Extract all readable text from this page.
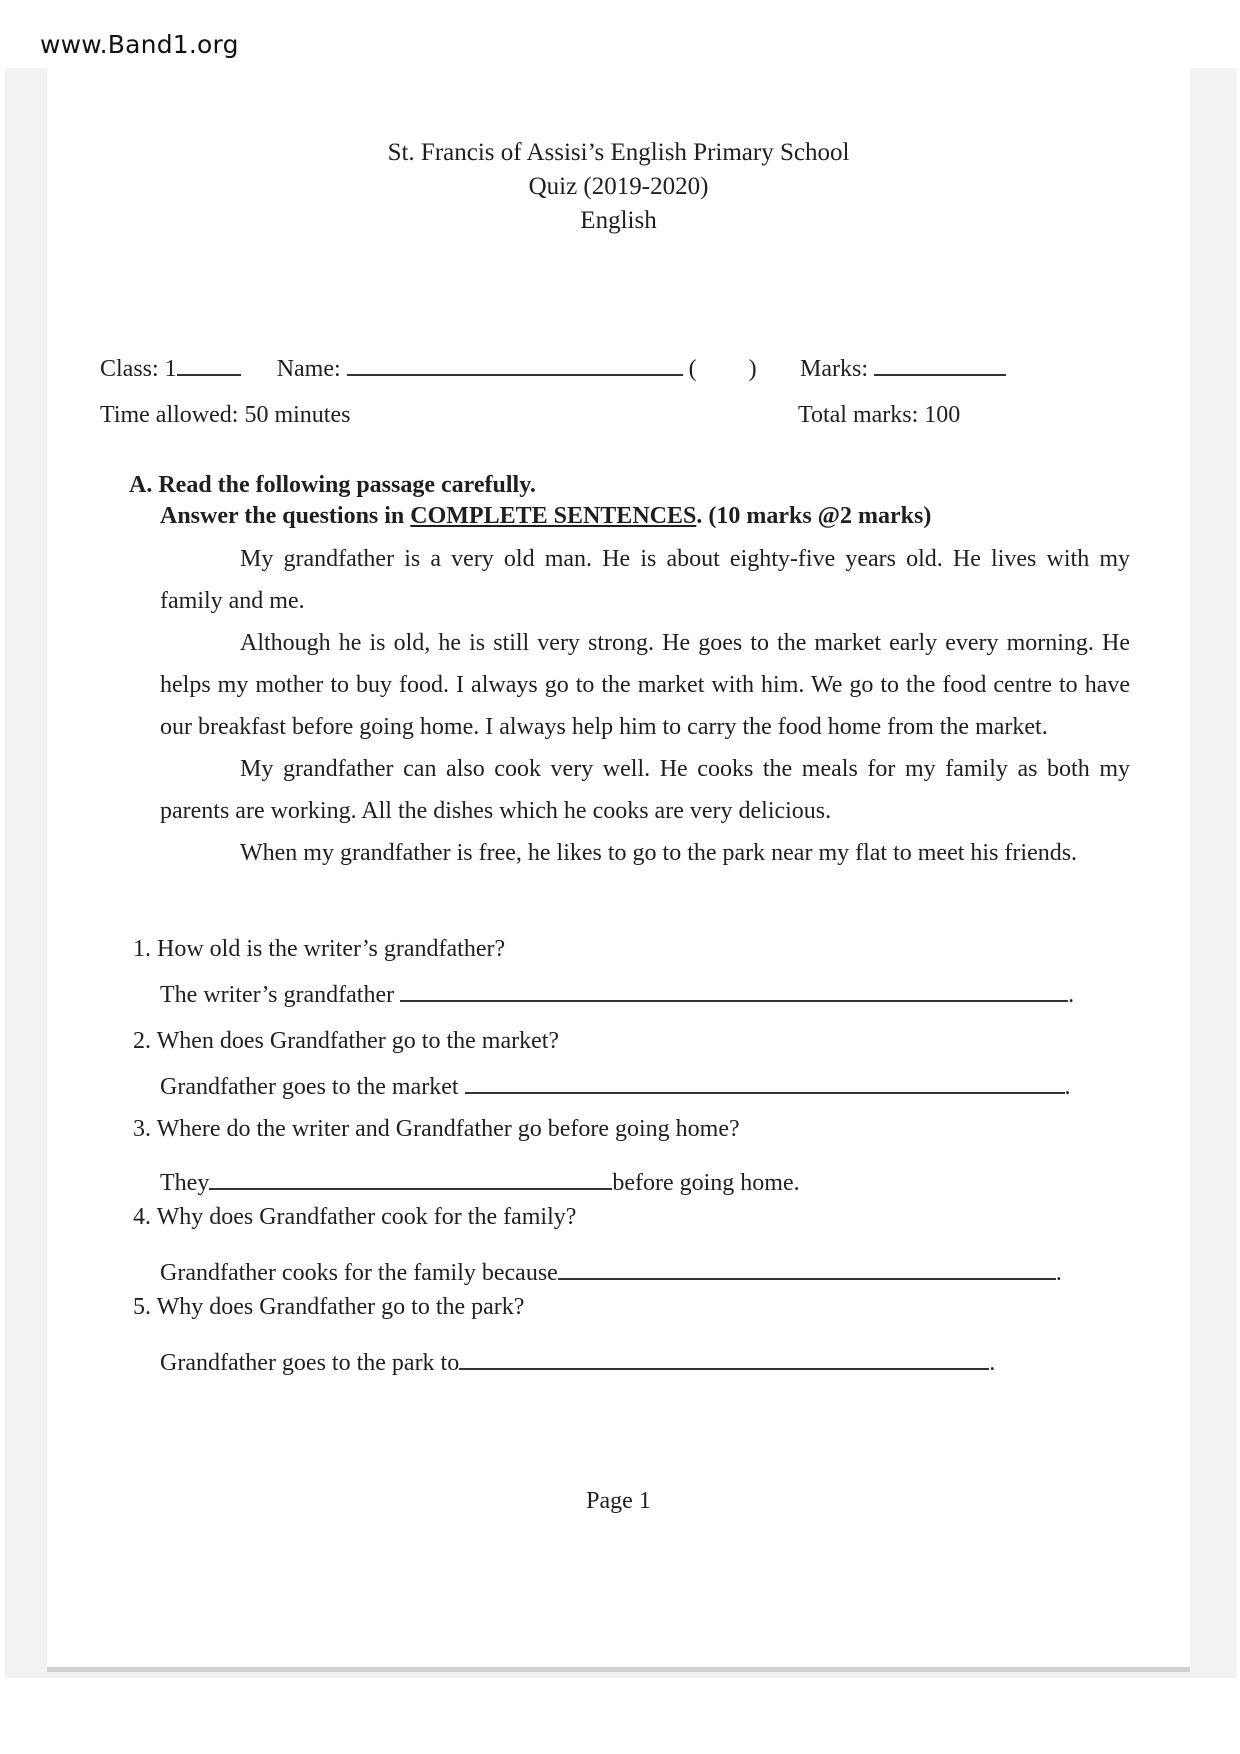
www.Band1.org
St. Francis of Assisi’s English Primary School
Quiz (2019-2020)
English
Class: 1	Name:	( ) Marks:
Time allowed: 50 minutes	Total marks: 100
A. Read the following passage carefully.
Answer the questions in COMPLETE SENTENCES. (10 marks @2 marks)

My grandfather is a very old man. He is about eighty-five years old. He lives with my family and me.

Although he is old, he is still very strong. He goes to the market early every morning. He helps my mother to buy food. I always go to the market with him. We go to the food centre to have our breakfast before going home. I always help him to carry the food home from the market.

My grandfather can also cook very well. He cooks the meals for my family as both my parents are working. All the dishes which he cooks are very delicious.

When my grandfather is free, he likes to go to the park near my flat to meet his friends.

1. How old is the writer’s grandfather?
The writer’s grandfather	.
2. When does Grandfather go to the market?
Grandfather goes to the market	.
3. Where do the writer and Grandfather go before going home?
They	before going home.
4. Why does Grandfather cook for the family?
Grandfather cooks for the family because	.
5. Why does Grandfather go to the park?
Grandfather goes to the park to	.
Page 1
